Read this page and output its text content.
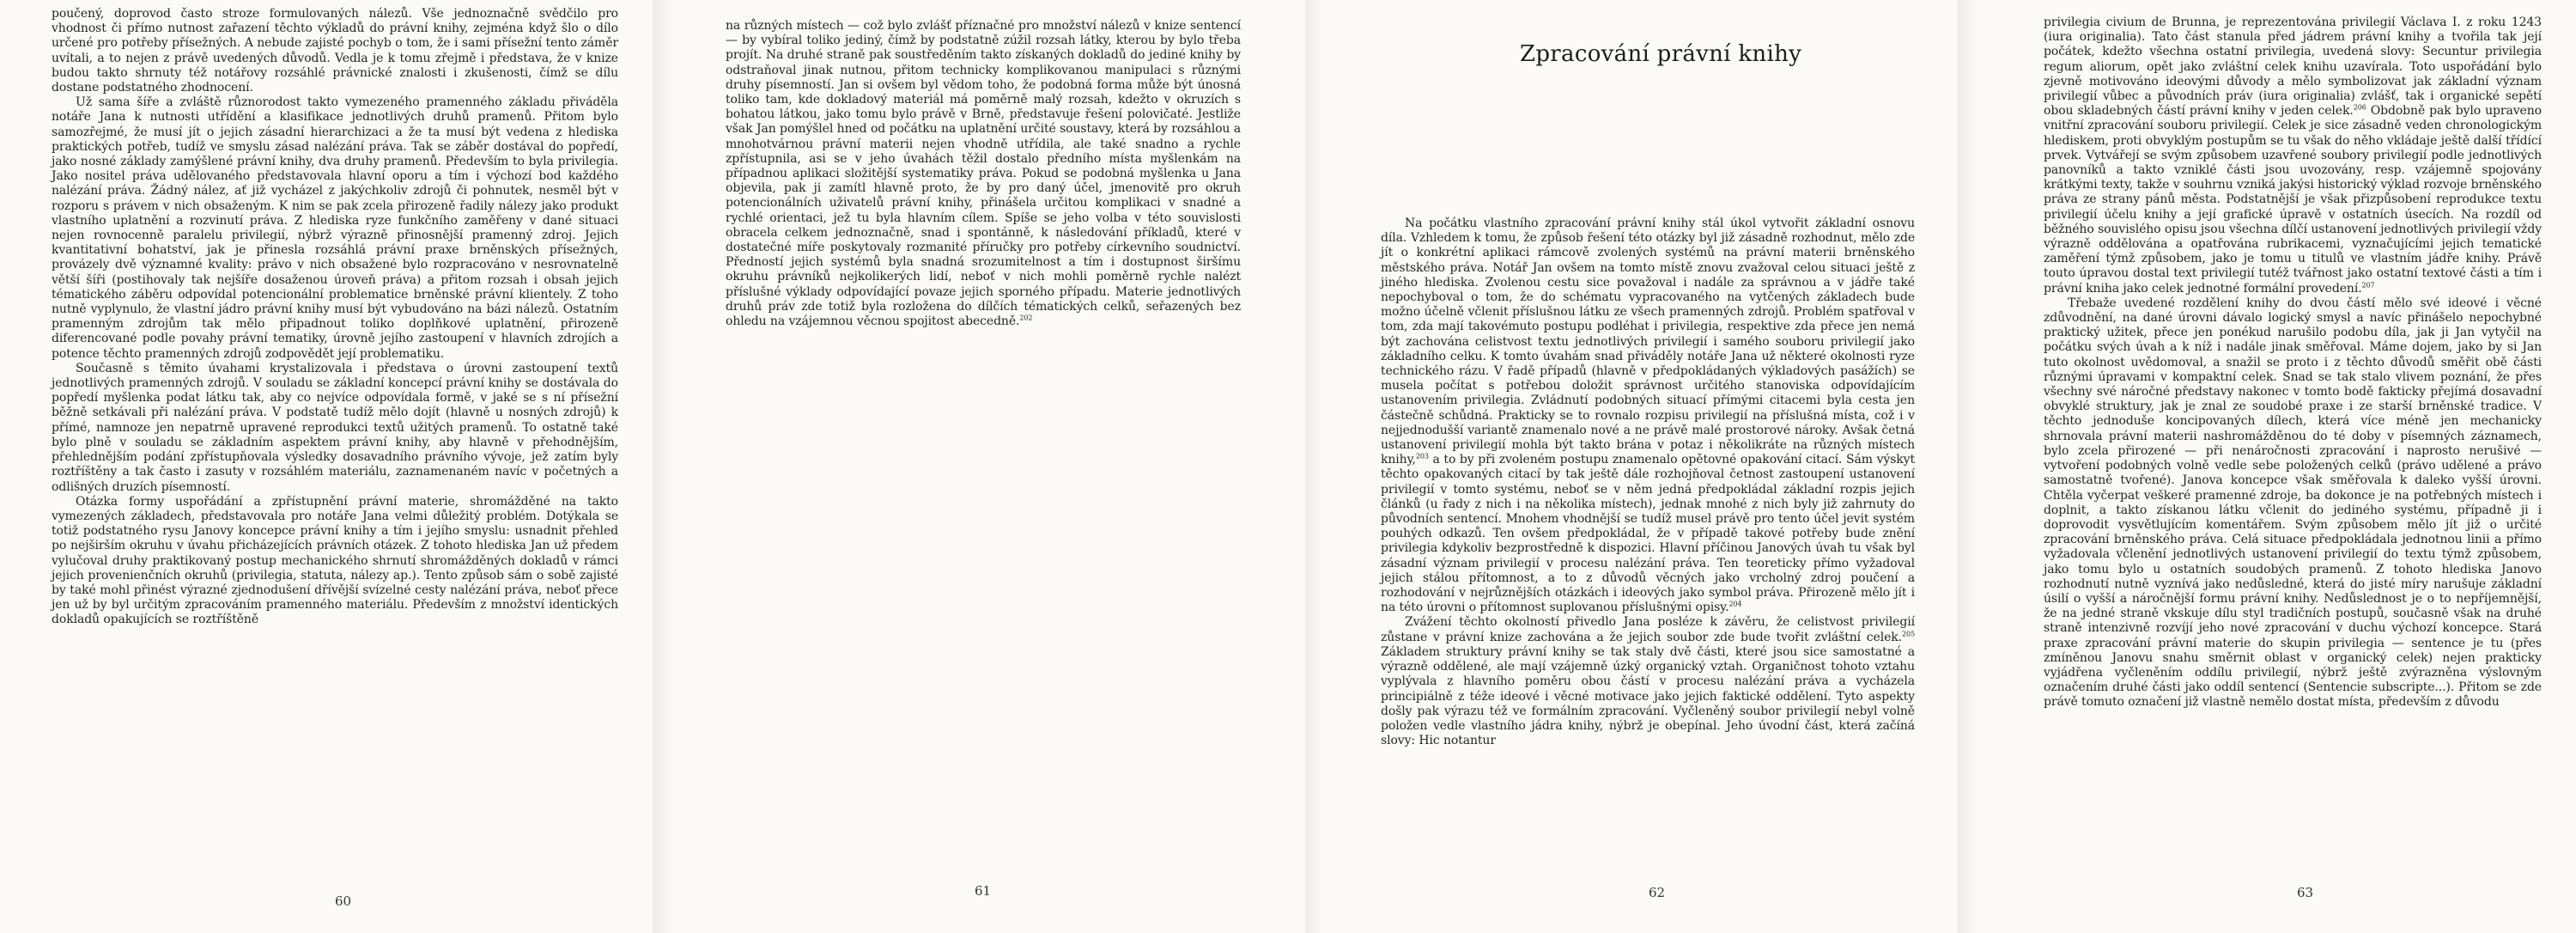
poučený, doprovod často stroze formulovaných nálezů. Vše jednoznačně svědčilo pro vhodnost či přímo nutnost zařazení těchto výkladů do právní knihy, zejména když šlo o dílo určené pro potřeby přísežných. A nebude zajisté pochyb o tom, že i sami přísežní tento záměr uvítali, a to nejen z právě uvedených důvodů. Vedla je k tomu zřejmě i představa, že v knize budou takto shrnuty též notářovy rozsáhlé právnické znalosti i zkušenosti, čímž se dílu dostane podstatného zhodnocení.

Už sama šíře a zvláště různorodost takto vymezeného pramenného základu přiváděla notáře Jana k nutnosti utřídění a klasifikace jednotlivých druhů pramenů. Přitom bylo samozřejmé, že musí jít o jejich zásadní hierarchizaci a že ta musí být vedena z hlediska praktických potřeb, tudíž ve smyslu zásad nalézání práva. Tak se záběr dostával do popředí, jako nosné základy zamýšlené právní knihy, dva druhy pramenů. Především to byla privilegia. Jako nositel práva udělovaného představovala hlavní oporu a tím i výchozí bod každého nalézání práva. Žádný nález, ať již vycházel z jakýchkoliv zdrojů či pohnutek, nesměl být v rozporu s právem v nich obsaženým. K nim se pak zcela přirozeně řadily nálezy jako produkt vlastního uplatnění a rozvinutí práva. Z hlediska ryze funkčního zaměřeny v dané situaci nejen rovnocenně paralelu privilegií, nýbrž výrazně přinosnější pramenný zdroj. Jejich kvantitativní bohatství, jak je přinesla rozsáhlá právní praxe brněnských přísežných, provázely dvě významné kvality: právo v nich obsažené bylo rozpracováno v nesrovnatelně větší šíři (postihovaly tak nejšíře dosaženou úroveň práva) a přitom rozsah i obsah jejich tématického záběru odpovídal potencionální problematice brněnské právní klientely. Z toho nutně vyplynulo, že vlastní jádro právní knihy musí být vybudováno na bázi nálezů. Ostatním pramenným zdrojům tak mělo připadnout toliko doplňkové uplatnění, přirozeně diferencované podle povahy právní tematiky, úrovně jejího zastoupení v hlavních zdrojích a potence těchto pramenných zdrojů zodpovědět její problematiku.

Současně s těmito úvahami krystalizovala i představa o úrovni zastoupení textů jednotlivých pramenných zdrojů. V souladu se základní koncepcí právní knihy se dostávala do popředí myšlenka podat látku tak, aby co nejvíce odpovídala formě, v jaké se s ní přísežní běžně setkávali při nalézání práva. V podstatě tudíž mělo dojít (hlavně u nosných zdrojů) k přímé, namnoze jen nepatrně upravené reprodukci textů užitých pramenů. To ostatně také bylo plně v souladu se základním aspektem právní knihy, aby hlavně v přehodnějším, přehlednějším podání zpřístupňovala výsledky dosavadního právního vývoje, jež zatím byly roztříštěny a tak často i zasuty v rozsáhlém materiálu, zaznamenaném navíc v početných a odlišných druzích písemností.

Otázka formy uspořádání a zpřístupnění právní materie, shromážděné na takto vymezených základech, představovala pro notáře Jana velmi důležitý problém. Dotýkala se totiž podstatného rysu Janovy koncepce právní knihy a tím i jejího smyslu: usnadnit přehled po nejširším okruhu v úvahu přicházejících právních otázek. Z tohoto hlediska Jan už předem vylučoval druhy praktikovaný postup mechanického shrnutí shromážděných dokladů v rámci jejich provenienčních okruhů (privilegia, statuta, nálezy ap.). Tento způsob sám o sobě zajisté by také mohl přinést výrazné zjednodušení dřívější svízelné cesty nalézání práva, neboť přece jen už by byl určitým zpracováním pramenného materiálu. Především z množství identických dokladů opakujících se roztříštěně

60

na různých místech — což bylo zvlášť příznačné pro množství nálezů v knize sentencí — by vybíral toliko jediný, čímž by podstatně zúžil rozsah látky, kterou by bylo třeba projít. Na druhé straně pak soustředěním takto získaných dokladů do jediné knihy by odstraňoval jinak nutnou, přitom technicky komplikovanou manipulaci s různými druhy písemností. Jan si ovšem byl vědom toho, že podobná forma může být únosná toliko tam, kde dokladový materiál má poměrně malý rozsah, kdežto v okruzích s bohatou látkou, jako tomu bylo právě v Brně, představuje řešení polovičaté. Jestliže však Jan pomýšlel hned od počátku na uplatnění určité soustavy, která by rozsáhlou a mnohotvárnou právní materii nejen vhodně utřídila, ale také snadno a rychle zpřístupnila, asi se v jeho úvahách těžil dostalo předního místa myšlenkám na případnou aplikaci složitější systematiky práva. Pokud se podobná myšlenka u Jana objevila, pak ji zamítl hlavně proto, že by pro daný účel, jmenovitě pro okruh potencionálních uživatelů právní knihy, přinášela určitou komplikaci v snadné a rychlé orientaci, jež tu byla hlavním cílem. Spíše se jeho volba v této souvislosti obracela celkem jednoznačně, snad i spontánně, k následování příkladů, které v dostatečné míře poskytovaly rozmanité příručky pro potřeby církevního soudnictví. Předností jejich systémů byla snadná srozumitelnost a tím i dostupnost širšímu okruhu právníků nejkolikerých lidí, neboť v nich mohli poměrně rychle nalézt příslušné výklady odpovídající povaze jejich sporného případu. Materie jednotlivých druhů práv zde totiž byla rozložena do dílčích tématických celků, seřazených bez ohledu na vzájemnou věcnou spojitost abecedně.$^{202}$

61
Zpracování právní knihy

Na počátku vlastního zpracování právní knihy stál úkol vytvořit základní osnovu díla. Vzhledem k tomu, že způsob řešení této otázky byl již zásadně rozhodnut, mělo zde jít o konkrétní aplikaci rámcově zvolených systémů na právní materii brněnského městského práva. Notář Jan ovšem na tomto místě znovu zvažoval celou situaci ještě z jiného hlediska. Zvolenou cestu sice považoval i nadále za správnou a v jádře také nepochyboval o tom, že do schématu vypracovaného na vytčených základech bude možno účelně včlenit příslušnou látku ze všech pramenných zdrojů. Problém spatřoval v tom, zda mají takovémuto postupu podléhat i privilegia, respektive zda přece jen nemá být zachována celistvost textu jednotlivých privilegií i samého souboru privilegií jako základního celku. K tomto úvahám snad přiváděly notáře Jana už některé okolnosti ryze technického rázu. V řadě případů (hlavně v předpokládaných výkladových pasážích) se musela počítat s potřebou doložit správnost určitého stanoviska odpovídajícím ustanovením privilegia. Zvládnutí podobných situací přímými citacemi byla cesta jen částečně schůdná. Prakticky se to rovnalo rozpisu privilegií na příslušná místa, což i v nejjednodušší variantě znamenalo nové a ne právě malé prostorové nároky. Avšak četná ustanovení privilegií mohla být takto brána v potaz i několikráte na různých místech knihy,$^{203}$ a to by při zvoleném postupu znamenalo opětovné opakování citací. Sám výskyt těchto opakovaných citací by tak ještě dále rozhojňoval četnost zastoupení ustanovení privilegií v tomto systému, neboť se v něm jedná předpokládal základní rozpis jejich článků (u řady z nich i na několika místech), jednak mnohé z nich byly již zahrnuty do původních sentencí. Mnohem vhodnější se tudíž musel právě pro tento účel jevit systém pouhých odkazů. Ten ovšem předpokládal, že v případě takové potřeby bude znění privilegia kdykoliv bezprostředně k dispozici. Hlavní příčinou Janových úvah tu však byl zásadní význam privilegií v procesu nalézání práva. Ten teoreticky přímo vyžadoval jejich stálou přítomnost, a to z důvodů věcných jako vrcholný zdroj poučení a rozhodování v nejrůznějších otázkách i ideových jako symbol práva. Přirozeně mělo jít i na této úrovni o přítomnost suplovanou příslušnými opisy.$^{204}$

Zvážení těchto okolností přivedlo Jana posléze k závěru, že celistvost privilegií zůstane v právní knize zachována a že jejich soubor zde bude tvořit zvláštní celek.$^{205}$ Základem struktury právní knihy se tak staly dvě části, které jsou sice samostatné a výrazně oddělené, ale mají vzájemně úzký organický vztah. Organičnost tohoto vztahu vyplývala z hlavního poměru obou částí v procesu nalézání práva a vycházela principiálně z téže ideové i věcné motivace jako jejich faktické oddělení. Tyto aspekty došly pak výrazu též ve formálním zpracování. Vyčleněný soubor privilegií nebyl volně položen vedle vlastního jádra knihy, nýbrž je obepínal. Jeho úvodní část, která začíná slovy: Hic notantur

62

privilegia civium de Brunna, je reprezentována privilegií Václava I. z roku 1243 (iura originalia). Tato část stanula před jádrem právní knihy a tvořila tak její počátek, kdežto všechna ostatní privilegia, uvedená slovy: Secuntur privilegia regum aliorum, opět jako zvláštní celek knihu uzavírala. Toto uspořádání bylo zjevně motivováno ideovými důvody a mělo symbolizovat jak základní význam privilegií vůbec a původních práv (iura originalia) zvlášť, tak i organické sepětí obou skladebných částí právní knihy v jeden celek.$^{206}$ Obdobně pak bylo upraveno vnitřní zpracování souboru privilegií. Celek je sice zásadně veden chronologickým hlediskem, proti obvyklým postupům se tu však do něho vkládaje ještě další třídící prvek. Vytvářejí se svým způsobem uzavřené soubory privilegií podle jednotlivých panovníků a takto vzniklé části jsou uvozovány, resp. vzájemně spojovány krátkými texty, takže v souhrnu vzniká jakýsi historický výklad rozvoje brněnského práva ze strany pánů města. Podstatnější je však přizpůsobení reprodukce textu privilegií účelu knihy a její grafické úpravě v ostatních úsecích. Na rozdíl od běžného souvislého opisu jsou všechna dílčí ustanovení jednotlivých privilegií vždy výrazně oddělována a opatřována rubrikacemi, vyznačujícími jejich tematické zaměření týmž způsobem, jako je tomu u titulů ve vlastním jádře knihy. Právě touto úpravou dostal text privilegií tutéž tvářnost jako ostatní textové části a tím i právní kniha jako celek jednotné formální provedení.$^{207}$

Třebaže uvedené rozdělení knihy do dvou částí mělo své ideové i věcné zdůvodnění, na dané úrovni dávalo logický smysl a navíc přinášelo nepochybné praktický užitek, přece jen ponékud narušilo podobu díla, jak ji Jan vytyčil na počátku svých úvah a k níž i nadále jinak směřoval. Máme dojem, jako by si Jan tuto okolnost uvědomoval, a snažil se proto i z těchto důvodů směřit obě části různými úpravami v kompaktní celek. Snad se tak stalo vlivem poznání, že přes všechny své náročné představy nakonec v tomto bodě fakticky přejímá dosavadní obvyklé struktury, jak je znal ze soudobé praxe i ze starší brněnské tradice. V těchto jednoduše koncipovaných dílech, která více méně jen mechanicky shrnovala právní materii nashromážděnou do té doby v písemných záznamech, bylo zcela přirozené — při nenáročnosti zpracování i naprosto nerušivé — vytvoření podobných volně vedle sebe položených celků (právo udělené a právo samostatně tvořené). Janova koncepce však směřovala k daleko vyšší úrovni. Chtěla vyčerpat veškeré pramenné zdroje, ba dokonce je na potřebných místech i doplnit, a takto získanou látku včlenit do jediného systému, případně ji i doprovodit vysvětlujícím komentářem. Svým způsobem mělo jít již o určité zpracování brněnského práva. Celá situace předpokládala jednotnou linii a přímo vyžadovala včlenění jednotlivých ustanovení privilegií do textu týmž způsobem, jako tomu bylo u ostatních soudobých pramenů. Z tohoto hlediska Janovo rozhodnutí nutně vyznívá jako nedůsledné, která do jisté míry narušuje základní úsilí o vyšší a náročnější formu právní knihy. Nedůslednost je o to nepříjemnější, že na jedné straně vkskuje dílu styl tradičních postupů, současně však na druhé straně intenzivně rozvíjí jeho nové zpracování v duchu výchozí koncepce. Stará praxe zpracování právní materie do skupin privilegia — sentence je tu (přes zmíněnou Janovu snahu směrnit oblast v organický celek) nejen prakticky vyjádřena vyčleněním oddílu privilegií, nýbrž ještě zvýrazněna výslovným označením druhé části jako oddíl sentencí (Sentencie subscripte...). Přitom se zde právě tomuto označení již vlastně nemělo dostat místa, především z důvodu

63
